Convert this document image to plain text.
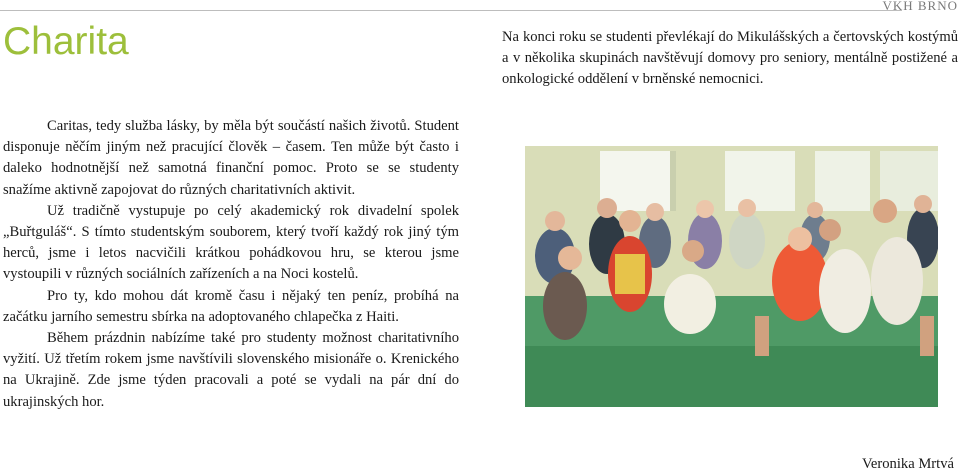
VKH BRNO
Charita

Caritas, tedy služba lásky, by měla být součástí našich životů. Student disponuje něčím jiným než pracující člověk – časem. Ten může být často i daleko hodnotnější než samotná finanční pomoc. Proto se se studenty snažíme aktivně zapojovat do různých charitativních aktivit.

Už tradičně vystupuje po celý akademický rok divadelní spolek „Buřtguláš“. S tímto studentským souborem, který tvoří každý rok jiný tým herců, jsme i letos nacvičili krátkou pohádkovou hru, se kterou jsme vystoupili v různých sociálních zařízeních a na Noci kostelů.

Pro ty, kdo mohou dát kromě času i nějaký ten peníz, probíhá na začátku jarního semestru sbírka na adoptovaného chlapečka z Haiti.

Během prázdnin nabízíme také pro studenty možnost charitativního vyžití. Už třetím rokem jsme navštívili slovenského misionáře o. Krenického na Ukrajině. Zde jsme týden pracovali a poté se vydali na pár dní do ukrajinských hor.

Na konci roku se studenti převlékají do Mikulášských a čertovských kostýmů a v několika skupinách navštěvují domovy pro seniory, mentálně postižené a onkologické oddělení v brněnské nemocnici.

Veronika Mrtvá
